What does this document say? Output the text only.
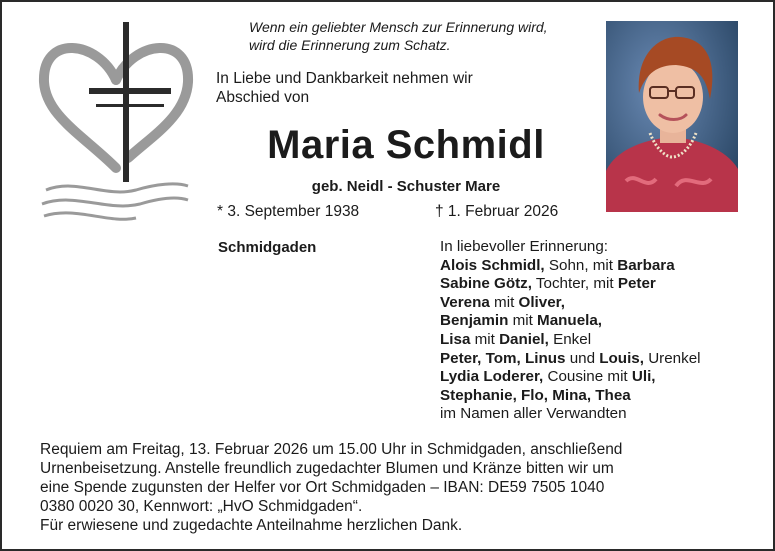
Wenn ein geliebter Mensch zur Erinnerung wird,
wird die Erinnerung zum Schatz.
In Liebe und Dankbarkeit nehmen wir
Abschied von
Maria Schmidl
geb. Neidl - Schuster Mare
* 3. September 1938	† 1. Februar 2026
Schmidgaden	In liebevoller Erinnerung:
Alois Schmidl, Sohn, mit Barbara
Sabine Götz, Tochter, mit Peter
Verena mit Oliver,
Benjamin mit Manuela,
Lisa mit Daniel, Enkel
Peter, Tom, Linus und Louis, Urenkel
Lydia Loderer, Cousine mit Uli,
Stephanie, Flo, Mina, Thea
im Namen aller Verwandten
Requiem am Freitag, 13. Februar 2026 um 15.00 Uhr in Schmidgaden, anschließend
Urnenbeisetzung. Anstelle freundlich zugedachter Blumen und Kränze bitten wir um
eine Spende zugunsten der Helfer vor Ort Schmidgaden – IBAN: DE59 7505 1040
0380 0020 30, Kennwort: „HvO Schmidgaden“.
Für erwiesene und zugedachte Anteilnahme herzlichen Dank.
